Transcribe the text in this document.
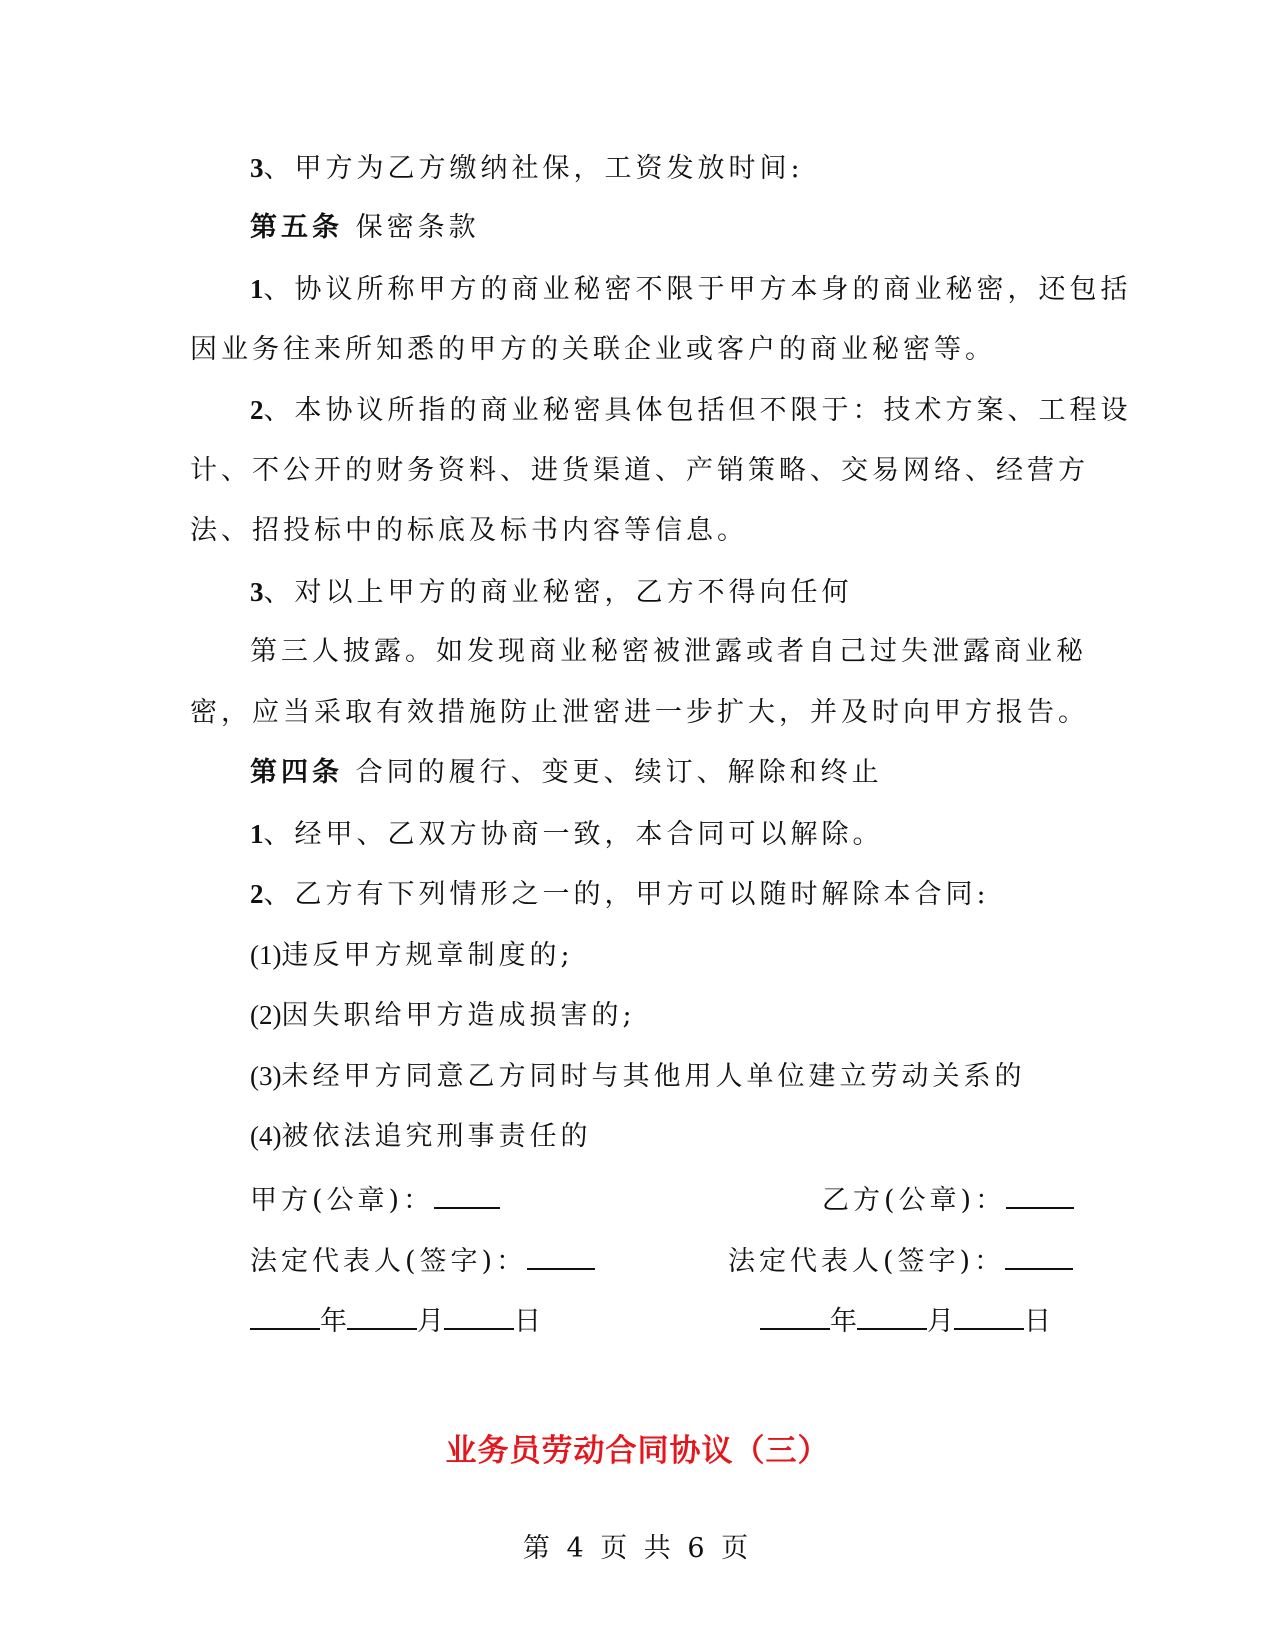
3、甲方为乙方缴纳社保，工资发放时间:
第五条 保密条款
1、协议所称甲方的商业秘密不限于甲方本身的商业秘密，还包括
因业务往来所知悉的甲方的关联企业或客户的商业秘密等。
2、本协议所指的商业秘密具体包括但不限于：技术方案、工程设
计、不公开的财务资料、进货渠道、产销策略、交易网络、经营方
法、招投标中的标底及标书内容等信息。
3、对以上甲方的商业秘密，乙方不得向任何
第三人披露。如发现商业秘密被泄露或者自己过失泄露商业秘
密，应当采取有效措施防止泄密进一步扩大，并及时向甲方报告。
第四条 合同的履行、变更、续订、解除和终止
1、经甲、乙双方协商一致，本合同可以解除。
2、乙方有下列情形之一的，甲方可以随时解除本合同:
(1)违反甲方规章制度的;
(2)因失职给甲方造成损害的;
(3)未经甲方同意乙方同时与其他用人单位建立劳动关系的
(4)被依法追究刑事责任的
甲方(公章)：	乙方(公章)：
法定代表人(签字)：	法定代表人(签字)：
年	月	日	年	月	日
业务员劳动合同协议（三）
第 4 页 共 6 页
